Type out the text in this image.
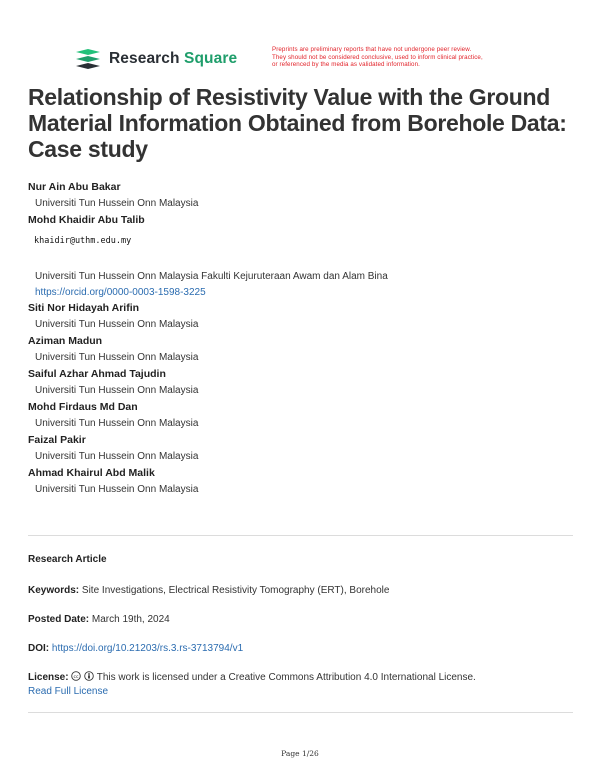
Research Square
Preprints are preliminary reports that have not undergone peer review.
They should not be considered conclusive, used to inform clinical practice,
or referenced by the media as validated information.
Relationship of Resistivity Value with the Ground Material Information Obtained from Borehole Data: Case study
Nur Ain Abu Bakar
Universiti Tun Hussein Onn Malaysia
Mohd Khaidir Abu Talib
khaidir@uthm.edu.my
Universiti Tun Hussein Onn Malaysia Fakulti Kejuruteraan Awam dan Alam Bina
https://orcid.org/0000-0003-1598-3225
Siti Nor Hidayah Arifin
Universiti Tun Hussein Onn Malaysia
Aziman Madun
Universiti Tun Hussein Onn Malaysia
Saiful Azhar Ahmad Tajudin
Universiti Tun Hussein Onn Malaysia
Mohd Firdaus Md Dan
Universiti Tun Hussein Onn Malaysia
Faizal Pakir
Universiti Tun Hussein Onn Malaysia
Ahmad Khairul Abd Malik
Universiti Tun Hussein Onn Malaysia
Research Article
Keywords: Site Investigations, Electrical Resistivity Tomography (ERT), Borehole
Posted Date: March 19th, 2024
DOI: https://doi.org/10.21203/rs.3.rs-3713794/v1
License: cc This work is licensed under a Creative Commons Attribution 4.0 International License.
Read Full License
Page 1/26
